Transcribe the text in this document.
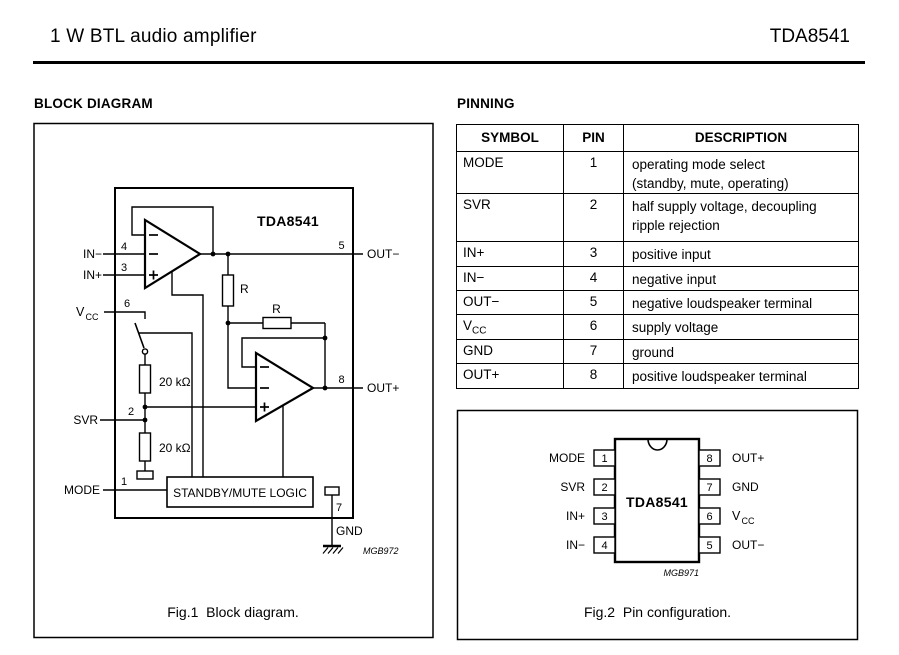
1 W BTL audio amplifier	TDA8541
BLOCK DIAGRAM	PINNING
SYMBOL	PIN	DESCRIPTION
MODE	1	operating mode select
(standby, mute, operating)

SVR	2	half supply voltage, decoupling
ripple rejection

IN+	3	positive input

IN−	4	negative input

OUT−	5	negative loudspeaker terminal

$V_{CC}$	6	supply voltage

GND	7	ground

OUT+	8	positive loudspeaker terminal
TDA8541
STANDBY/MUTE LOGIC
4
3
6
2
1
5
8
7
IN−
IN+
V CC
SVR
MODE
OUT−
OUT+
GND
20 kΩ
20 kΩ
R
R
MGB972
Fig.1  Block diagram.
TDA8541
1
2
3
4
MODE
SVR
IN+
IN−
8
7
6
5
OUT+
GND
V CC
OUT−
MGB971
Fig.2  Pin configuration.
